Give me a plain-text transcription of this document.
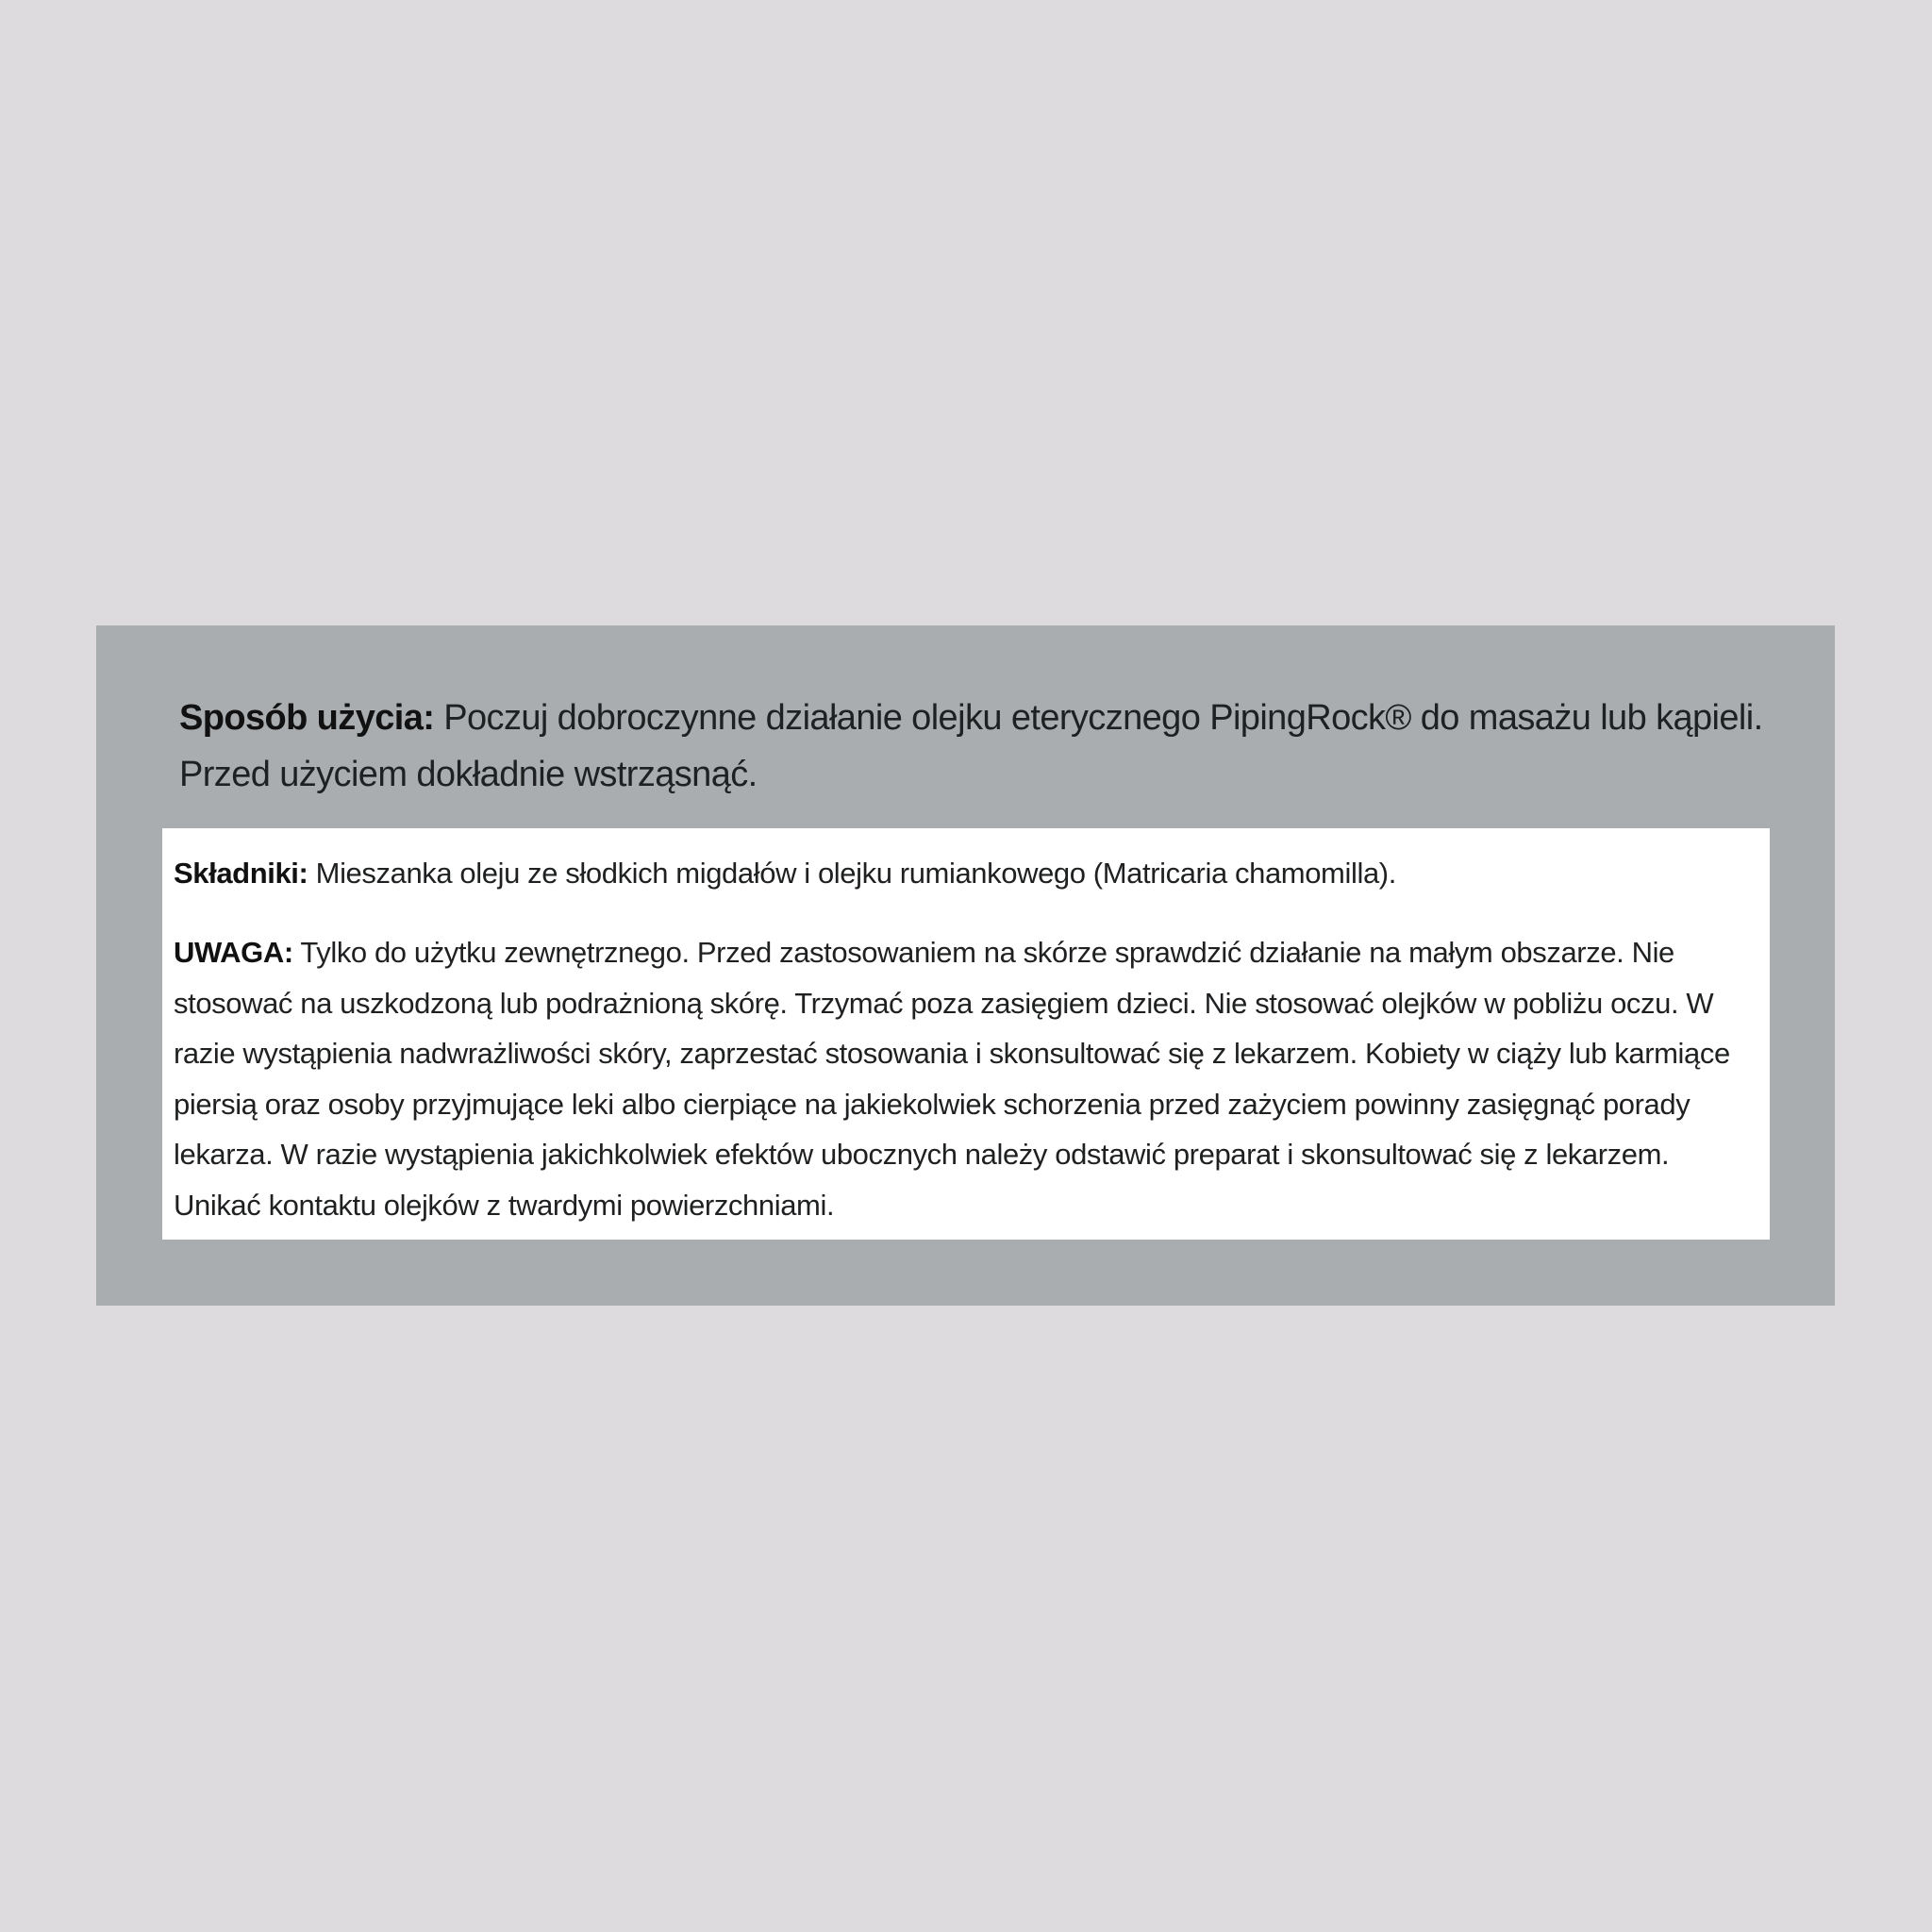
Sposób użycia: Poczuj dobroczynne działanie olejku eterycznego PipingRock® do masażu lub kąpieli. Przed użyciem dokładnie wstrząsnąć.

Składniki: Mieszanka oleju ze słodkich migdałów i olejku rumiankowego (Matricaria chamomilla).

UWAGA: Tylko do użytku zewnętrznego. Przed zastosowaniem na skórze sprawdzić działanie na małym obszarze. Nie stosować na uszkodzoną lub podrażnioną skórę. Trzymać poza zasięgiem dzieci. Nie stosować olejków w pobliżu oczu. W razie wystąpienia nadwrażliwości skóry, zaprzestać stosowania i skonsultować się z lekarzem. Kobiety w ciąży lub karmiące piersią oraz osoby przyjmujące leki albo cierpiące na jakiekolwiek schorzenia przed zażyciem powinny zasięgnąć porady lekarza. W razie wystąpienia jakichkolwiek efektów ubocznych należy odstawić preparat i skonsultować się z lekarzem. Unikać kontaktu olejków z twardymi powierzchniami.
